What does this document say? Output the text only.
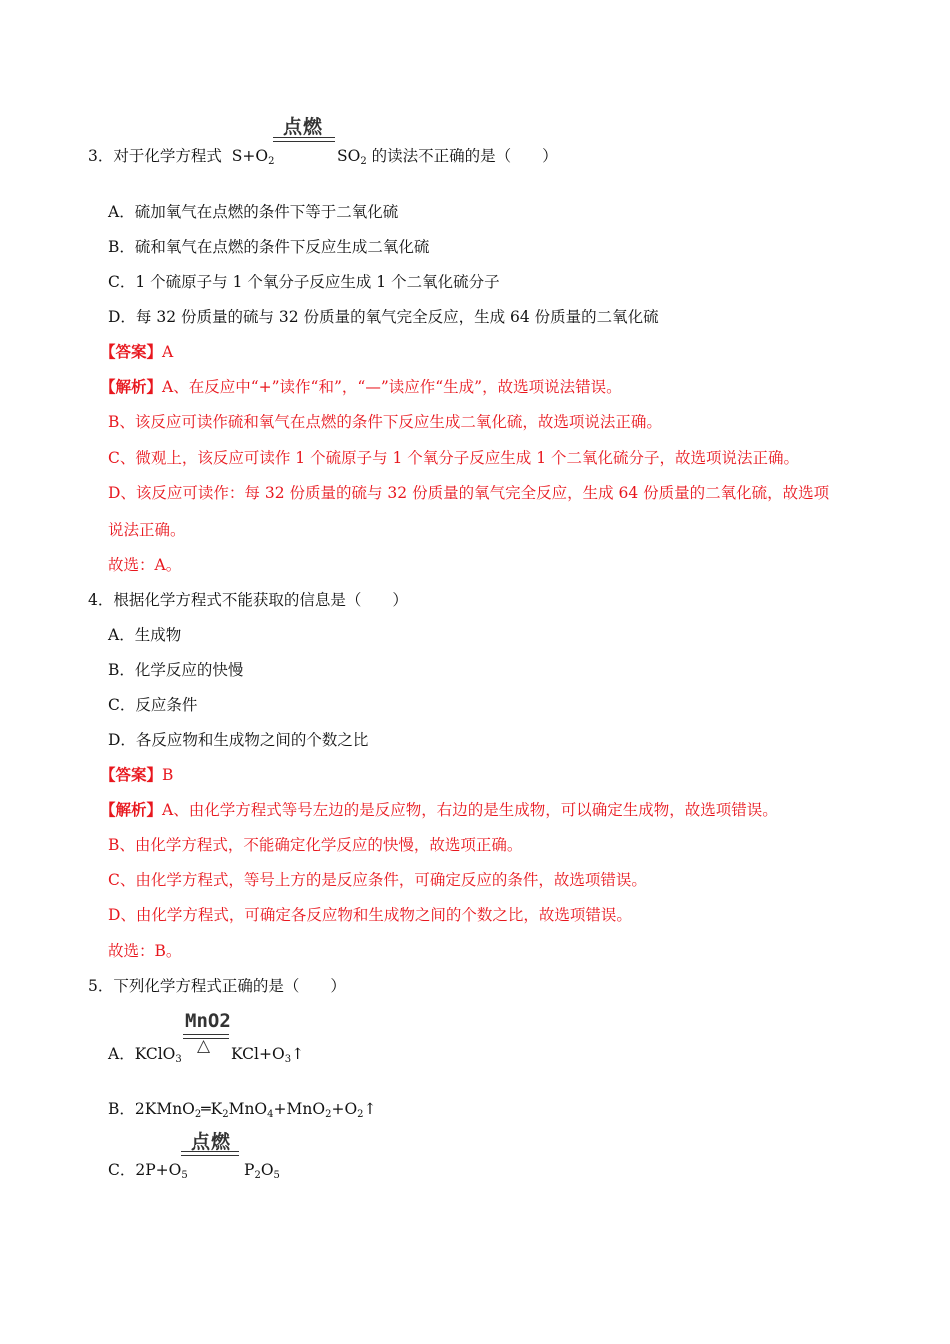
点燃
3．对于化学方程式 $S+O_2$	$SO_2$ 的读法不正确的是（　　）
A．硫加氧气在点燃的条件下等于二氧化硫
B．硫和氧气在点燃的条件下反应生成二氧化硫
C．1 个硫原子与 1 个氧分子反应生成 1 个二氧化硫分子
D．每 32 份质量的硫与 32 份质量的氧气完全反应，生成 64 份质量的二氧化硫
【答案】A
【解析】A、在反应中“+”读作“和”，“—”读应作“生成”，故选项说法错误。
B、该反应可读作硫和氧气在点燃的条件下反应生成二氧化硫，故选项说法正确。
C、微观上，该反应可读作 1 个硫原子与 1 个氧分子反应生成 1 个二氧化硫分子，故选项说法正确。
D、该反应可读作：每 32 份质量的硫与 32 份质量的氧气完全反应，生成 64 份质量的二氧化硫，故选项
说法正确。
故选：A。
4．根据化学方程式不能获取的信息是（　　）
A．生成物
B．化学反应的快慢
C．反应条件
D．各反应物和生成物之间的个数之比
【答案】B
【解析】A、由化学方程式等号左边的是反应物，右边的是生成物，可以确定生成物，故选项错误。
B、由化学方程式，不能确定化学反应的快慢，故选项正确。
C、由化学方程式，等号上方的是反应条件，可确定反应的条件，故选项错误。
D、由化学方程式，可确定各反应物和生成物之间的个数之比，故选项错误。
故选：B。
5．下列化学方程式正确的是（　　）
MnO2
△
A．KClO$_3$	$KCl+O_3↑$
B．$2KMnO_2═K_2MnO_4+MnO_2+O_2↑$
点燃
C．$2P+O_5$	$P_2O_5$
